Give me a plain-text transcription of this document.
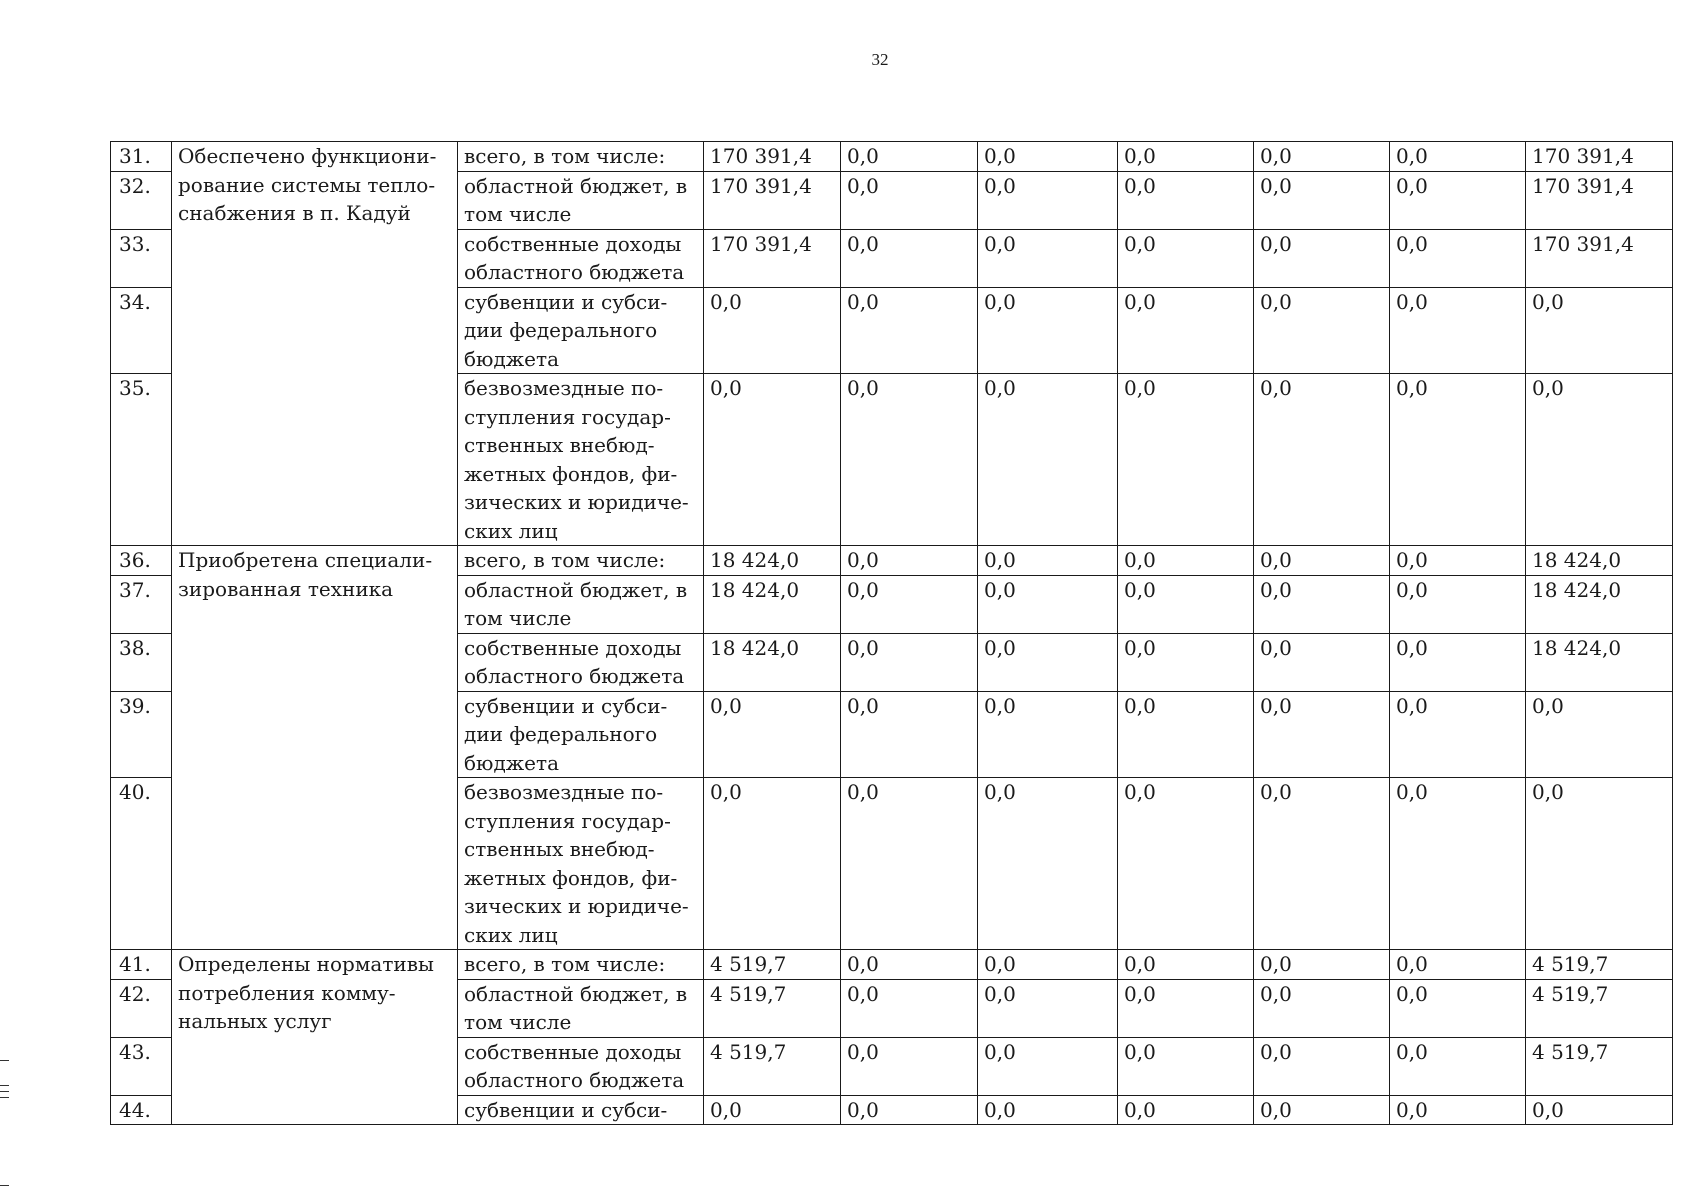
32
31.	Обеспечено функциони-рование системы тепло-снабжения в п. Кадуй	всего, в том числе:	170 391,4	0,0	0,0	0,0	0,0	0,0	170 391,4
32.		областной бюджет, в том числе	170 391,4	0,0	0,0	0,0	0,0	0,0	170 391,4
33.		собственные доходы областного бюджета	170 391,4	0,0	0,0	0,0	0,0	0,0	170 391,4
34.		субвенции и субси-дии федерального бюджета	0,0	0,0	0,0	0,0	0,0	0,0	0,0
35.		безвозмездные по-ступления государ-ственных внебюд-жетных фондов, фи-зических и юридиче-ских лиц	0,0	0,0	0,0	0,0	0,0	0,0	0,0
36.	Приобретена специали-зированная техника	всего, в том числе:	18 424,0	0,0	0,0	0,0	0,0	0,0	18 424,0
37.		областной бюджет, в том числе	18 424,0	0,0	0,0	0,0	0,0	0,0	18 424,0
38.		собственные доходы областного бюджета	18 424,0	0,0	0,0	0,0	0,0	0,0	18 424,0
39.		субвенции и субси-дии федерального бюджета	0,0	0,0	0,0	0,0	0,0	0,0	0,0
40.		безвозмездные по-ступления государ-ственных внебюд-жетных фондов, фи-зических и юридиче-ских лиц	0,0	0,0	0,0	0,0	0,0	0,0	0,0
41.	Определены нормативы потребления комму-нальных услуг	всего, в том числе:	4 519,7	0,0	0,0	0,0	0,0	0,0	4 519,7
42.		областной бюджет, в том числе	4 519,7	0,0	0,0	0,0	0,0	0,0	4 519,7
43.		собственные доходы областного бюджета	4 519,7	0,0	0,0	0,0	0,0	0,0	4 519,7
44.		субвенции и субси-	0,0	0,0	0,0	0,0	0,0	0,0	0,0
